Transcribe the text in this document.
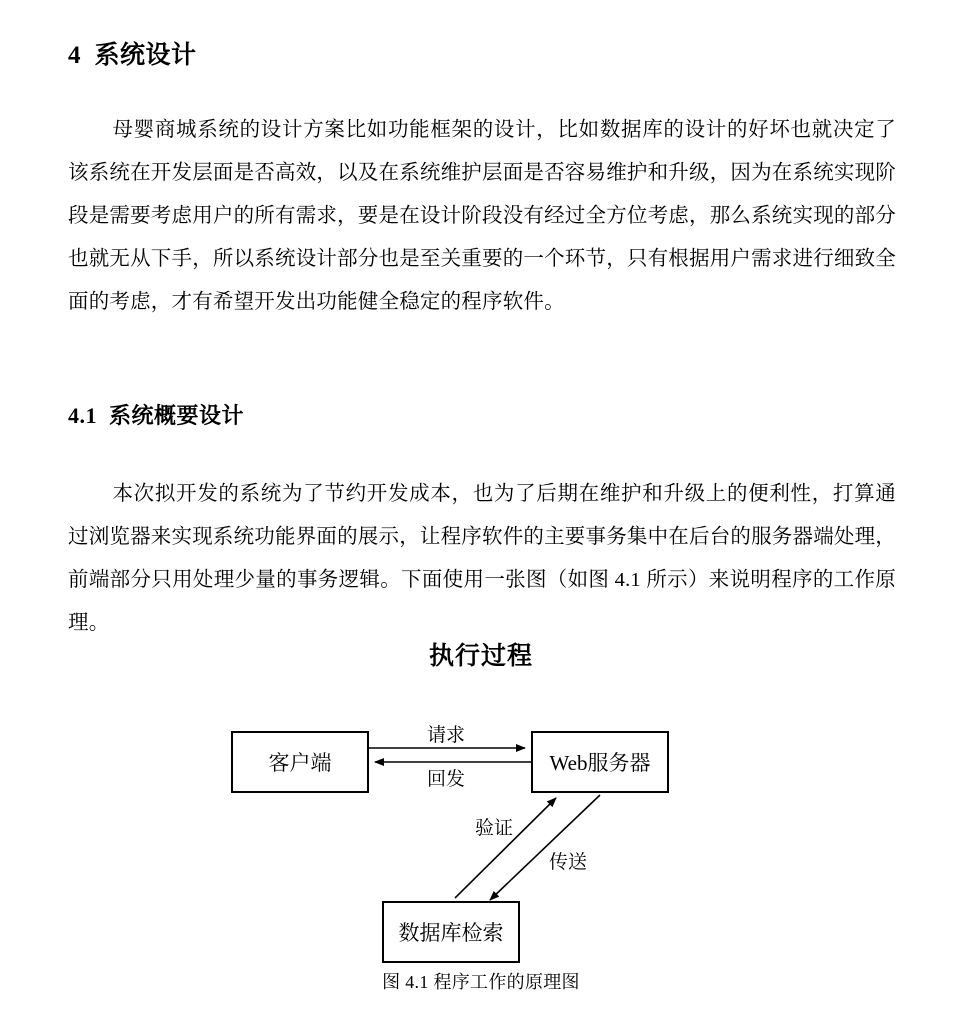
4  系统设计

母婴商城系统的设计方案比如功能框架的设计，比如数据库的设计的好坏也就决定了该系统在开发层面是否高效，以及在系统维护层面是否容易维护和升级，因为在系统实现阶段是需要考虑用户的所有需求，要是在设计阶段没有经过全方位考虑，那么系统实现的部分也就无从下手，所以系统设计部分也是至关重要的一个环节，只有根据用户需求进行细致全面的考虑，才有希望开发出功能健全稳定的程序软件。

4.1  系统概要设计

本次拟开发的系统为了节约开发成本，也为了后期在维护和升级上的便利性，打算通过浏览器来实现系统功能界面的展示，让程序软件的主要事务集中在后台的服务器端处理，前端部分只用处理少量的事务逻辑。下面使用一张图（如图 4.1 所示）来说明程序的工作原理。

执行过程
客户端	Web服务器
数据库检索
请求
回发
验证
传送
图 4.1 程序工作的原理图
